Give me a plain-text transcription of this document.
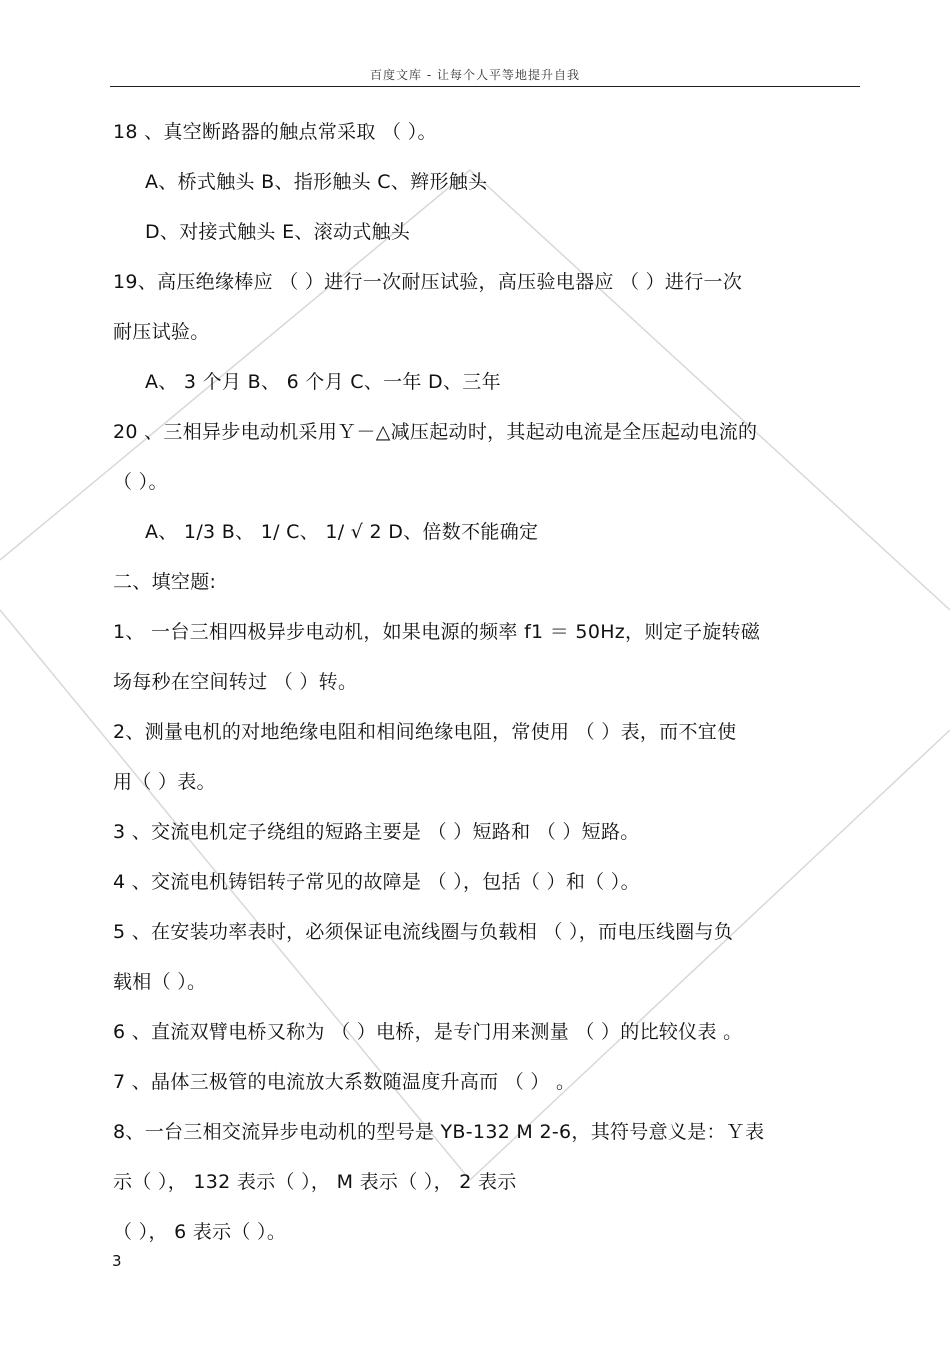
百度文库 - 让每个人平等地提升自我
18 、真空断路器的触点常采取 （ ）。
A、桥式触头 B、指形触头 C、辫形触头
D、对接式触头 E、滚动式触头
19、高压绝缘棒应 （ ）进行一次耐压试验，高压验电器应 （ ）进行一次
耐压试验。
A、 3 个月 B、 6 个月 C、一年 D、三年
20 、三相异步电动机采用Ｙ－△减压起动时，其起动电流是全压起动电流的
（ ）。
A、 1/3 B、 1/ C、 1/ √ 2 D、倍数不能确定
二、填空题:
1、 一台三相四极异步电动机，如果电源的频率 f1 ＝ 50Hz，则定子旋转磁
场每秒在空间转过 （ ）转。
2、测量电机的对地绝缘电阻和相间绝缘电阻，常使用 （ ）表，而不宜使
用（ ）表。
3 、交流电机定子绕组的短路主要是 （ ）短路和 （ ）短路。
4 、交流电机铸铝转子常见的故障是 （ ），包括（ ）和（ ）。
5 、在安装功率表时，必须保证电流线圈与负载相 （ ），而电压线圈与负
载相（ ）。
6 、直流双臂电桥又称为 （ ）电桥，是专门用来测量 （ ）的比较仪表 。
7 、晶体三极管的电流放大系数随温度升高而 （ ） 。
8、一台三相交流异步电动机的型号是 YB-132 M 2-6，其符号意义是：Ｙ表
示（ ）， 132 表示（ ）， M 表示（ ）， 2 表示
（ ）， 6 表示（ ）。
3
